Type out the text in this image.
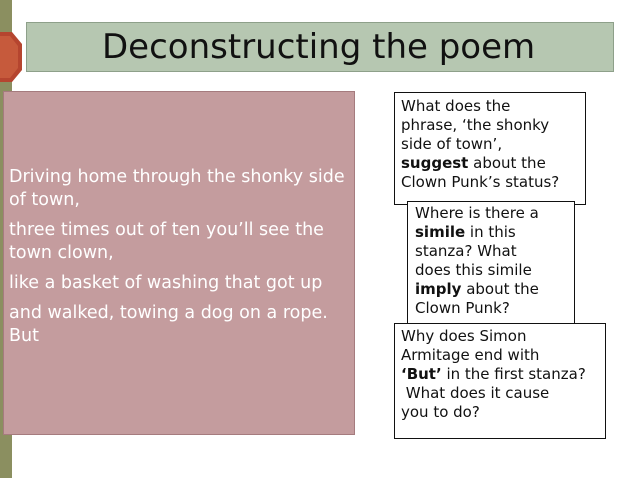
Deconstructing the poem

Driving home through the shonky side of town,

three times out of ten you’ll see the town clown,

like a basket of washing that got up

and walked, towing a dog on a rope. But

What does the
phrase, ‘the shonky
side of town’,
suggest about the
Clown Punk’s status?
Where is there a
simile in this
stanza? What
does this simile
imply about the
Clown Punk?
Why does Simon
Armitage end with
‘But’ in the first stanza?
What does it cause
you to do?
